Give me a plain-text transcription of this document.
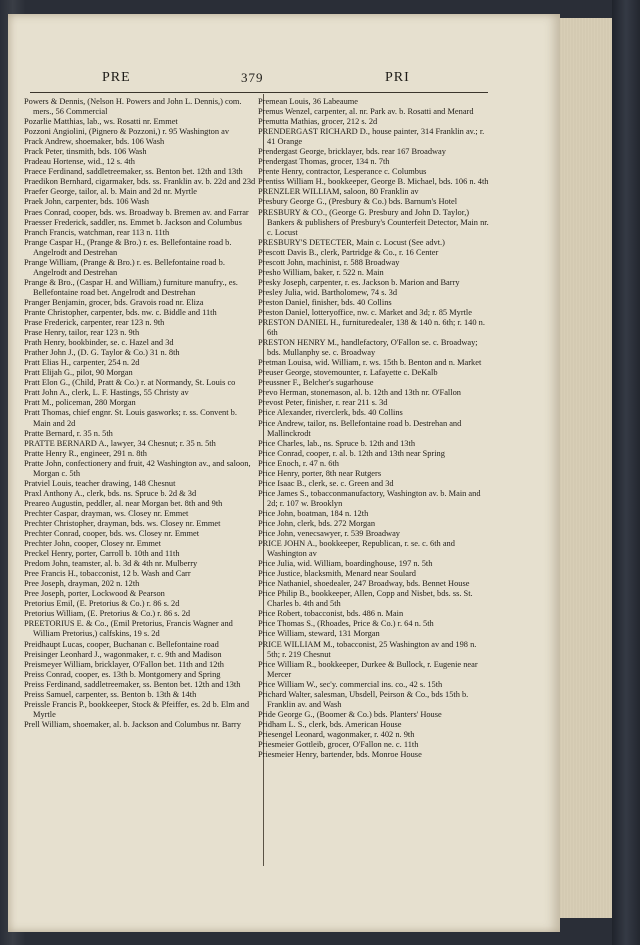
PRE	379	PRI
Powers & Dennis, (Nelson H. Powers and John L. Dennis,) com. mers., 56 Commercial
Pozarlie Matthias, lab., ws. Rosatti nr. Emmet
Pozzoni Angiolini, (Pignero & Pozzoni,) r. 95 Washington av
Prack Andrew, shoemaker, bds. 106 Wash
Prack Peter, tinsmith, bds. 106 Wash
Pradeau Hortense, wid., 12 s. 4th
Praece Ferdinand, saddletreemaker, ss. Benton bet. 12th and 13th
Praedikon Bernhard, cigarmaker, bds. ss. Franklin av. b. 22d and 23d
Praefer George, tailor, al. b. Main and 2d nr. Myrtle
Praek John, carpenter, bds. 106 Wash
Praes Conrad, cooper, bds. ws. Broadway b. Bremen av. and Farrar
Praesser Frederick, saddler, ns. Emmet b. Jackson and Columbus
Pranch Francis, watchman, rear 113 n. 11th
Prange Caspar H., (Prange & Bro.) r. es. Bellefontaine road b. Angelrodt and Destrehan
Prange William, (Prange & Bro.) r. es. Bellefontaine road b. Angelrodt and Destrehan
Prange & Bro., (Caspar H. and William,) furniture manufry., es. Bellefontaine road bet. Angelrodt and Destrehan
Pranger Benjamin, grocer, bds. Gravois road nr. Eliza
Prante Christopher, carpenter, bds. nw. c. Biddle and 11th
Prase Frederick, carpenter, rear 123 n. 9th
Prase Henry, tailor, rear 123 n. 9th
Prath Henry, bookbinder, se. c. Hazel and 3d
Prather John J., (D. G. Taylor & Co.) 31 n. 8th
Pratt Elias H., carpenter, 254 n. 2d
Pratt Elijah G., pilot, 90 Morgan
Pratt Elon G., (Child, Pratt & Co.) r. at Normandy, St. Louis co
Pratt John A., clerk, L. F. Hastings, 55 Christy av
Pratt M., policeman, 280 Morgan
Pratt Thomas, chief engnr. St. Louis gasworks; r. ss. Convent b. Main and 2d
Pratte Bernard, r. 35 n. 5th
PRATTE BERNARD A., lawyer, 34 Chesnut; r. 35 n. 5th
Pratte Henry R., engineer, 291 n. 8th
Pratte John, confectionery and fruit, 42 Washington av., and saloon, Morgan c. 5th
Pratviel Louis, teacher drawing, 148 Chesnut
Praxl Anthony A., clerk, bds. ns. Spruce b. 2d & 3d
Preareo Augustin, peddler, al. near Morgan bet. 8th and 9th
Prechter Caspar, drayman, ws. Closey nr. Emmet
Prechter Christopher, drayman, bds. ws. Closey nr. Emmet
Prechter Conrad, cooper, bds. ws. Closey nr. Emmet
Prechter John, cooper, Closey nr. Emmet
Preckel Henry, porter, Carroll b. 10th and 11th
Predom John, teamster, al. b. 3d & 4th nr. Mulberry
Pree Francis H., tobacconist, 12 b. Wash and Carr
Pree Joseph, drayman, 202 n. 12th
Pree Joseph, porter, Lockwood & Pearson
Pretorius Emil, (E. Pretorius & Co.) r. 86 s. 2d
Pretorius William, (E. Pretorius & Co.) r. 86 s. 2d
PREETORIUS E. & Co., (Emil Pretorius, Francis Wagner and William Pretorius,) calfskins, 19 s. 2d
Preidhaupt Lucas, cooper, Buchanan c. Bellefontaine road
Preisinger Leonhard J., wagonmaker, r. c. 9th and Madison
Preismeyer William, bricklayer, O'Fallon bet. 11th and 12th
Preiss Conrad, cooper, es. 13th b. Montgomery and Spring
Preiss Ferdinand, saddletreemaker, ss. Benton bet. 12th and 13th
Preiss Samuel, carpenter, ss. Benton b. 13th & 14th
Preissle Francis P., bookkeeper, Stock & Pfeiffer, es. 2d b. Elm and Myrtle
Prell William, shoemaker, al. b. Jackson and Columbus nr. Barry
Premean Louis, 36 Labeaume
Premus Wenzel, carpenter, al. nr. Park av. b. Rosatti and Menard
Premutta Mathias, grocer, 212 s. 2d
PRENDERGAST RICHARD D., house painter, 314 Franklin av.; r. 41 Orange
Prendergast George, bricklayer, bds. rear 167 Broadway
Prendergast Thomas, grocer, 134 n. 7th
Prente Henry, contractor, Lesperance c. Columbus
Prentiss William H., bookkeeper, George B. Michael, bds. 106 n. 4th
PRENZLER WILLIAM, saloon, 80 Franklin av
Presbury George G., (Presbury & Co.) bds. Barnum's Hotel
PRESBURY & CO., (George G. Presbury and John D. Taylor,) Bankers & publishers of Presbury's Counterfeit Detector, Main nr. c. Locust
PRESBURY'S DETECTER, Main c. Locust (See advt.)
Prescott Davis B., clerk, Partridge & Co., r. 16 Center
Prescott John, machinist, r. 588 Broadway
Presho William, baker, r. 522 n. Main
Presky Joseph, carpenter, r. es. Jackson b. Marion and Barry
Presley Julia, wid. Bartholomew, 74 s. 3d
Preston Daniel, finisher, bds. 40 Collins
Preston Daniel, lotteryoffice, nw. c. Market and 3d; r. 85 Myrtle
PRESTON DANIEL H., furnituredealer, 138 & 140 n. 6th; r. 140 n. 6th
PRESTON HENRY M., handlefactory, O'Fallon se. c. Broadway; bds. Mullanphy se. c. Broadway
Pretman Louisa, wid. William, r. ws. 15th b. Benton and n. Market
Preuser George, stovemounter, r. Lafayette c. DeKalb
Preussner F., Belcher's sugarhouse
Prevo Herman, stonemason, al. b. 12th and 13th nr. O'Fallon
Prevost Peter, finisher, r. rear 211 s. 3d
Price Alexander, riverclerk, bds. 40 Collins
Price Andrew, tailor, ns. Bellefontaine road b. Destrehan and Mallinckrodt
Price Charles, lab., ns. Spruce b. 12th and 13th
Price Conrad, cooper, r. al. b. 12th and 13th near Spring
Price Enoch, r. 47 n. 6th
Price Henry, porter, 8th near Rutgers
Price Isaac B., clerk, se. c. Green and 3d
Price James S., tobacconmanufactory, Washington av. b. Main and 2d; r. 107 w. Brooklyn
Price John, boatman, 184 n. 12th
Price John, clerk, bds. 272 Morgan
Price John, venecsawyer, r. 539 Broadway
PRICE JOHN A., bookkeeper, Republican, r. se. c. 6th and Washington av
Price Julia, wid. William, boardinghouse, 197 n. 5th
Price Justice, blacksmith, Menard near Soulard
Price Nathaniel, shoedealer, 247 Broadway, bds. Bennet House
Price Philip B., bookkeeper, Allen, Copp and Nisbet, bds. ss. St. Charles b. 4th and 5th
Price Robert, tobacconist, bds. 486 n. Main
Price Thomas S., (Rhoades, Price & Co.) r. 64 n. 5th
Price William, steward, 131 Morgan
PRICE WILLIAM M., tobacconist, 25 Washington av and 198 n. 5th; r. 219 Chesnut
Price William R., bookkeeper, Durkee & Bullock, r. Eugenie near Mercer
Price William W., sec'y. commercial ins. co., 42 s. 15th
Prichard Walter, salesman, Ubsdell, Peirson & Co., bds 15th b. Franklin av. and Wash
Pride George G., (Boomer & Co.) bds. Planters' House
Pridham L. S., clerk, bds. American House
Priesengel Leonard, wagonmaker, r. 402 n. 9th
Priesmeier Gottleib, grocer, O'Fallon ne. c. 11th
Priesmeier Henry, bartender, bds. Monroe House
